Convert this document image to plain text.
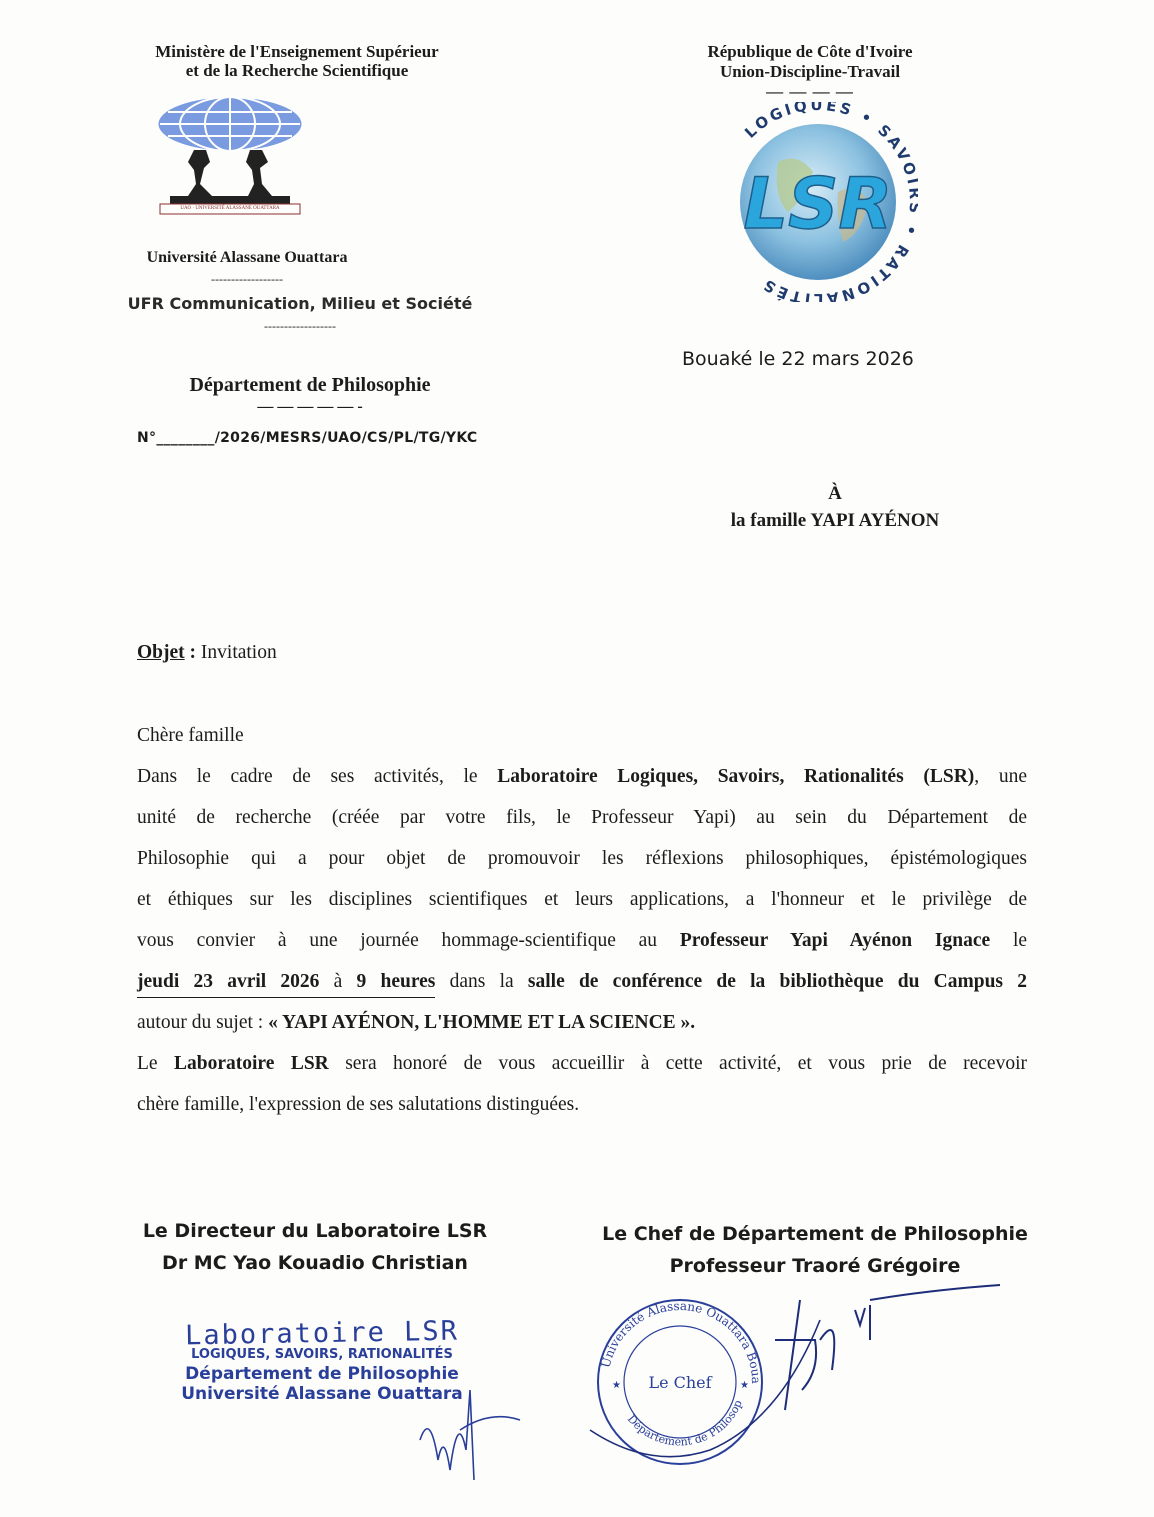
Ministère de l'Enseignement Supérieur
et de la Recherche Scientifique
UAO · UNIVERSITÉ ALASSANE OUATTARA
Université Alassane Ouattara
------------------
UFR Communication, Milieu et Société
------------------
Département de Philosophie
— — — — — -
N°________/2026/MESRS/UAO/CS/PL/TG/YKC
République de Côte d'Ivoire
Union-Discipline-Travail
— — — —
LSR
LOGIQUES • SAV RATIONALITÉS
Bouaké le 22 mars 2026
À
la famille YAPI AYÉNON
Objet : Invitation
Chère famille
Dans le cadre de ses activités, le Laboratoire Logiques, Savoirs, Rationalités (LSR), une
unité de recherche (créée par votre fils, le Professeur Yapi) au sein du Département de
Philosophie qui a pour objet de promouvoir les réflexions philosophiques, épistémologiques
et éthiques sur les disciplines scientifiques et leurs applications, a l'honneur et le privilège de
vous convier à une journée hommage-scientifique au Professeur Yapi Ayénon Ignace le
jeudi 23 avril 2026 à 9 heures dans la salle de conférence de la bibliothèque du Campus 2
autour du sujet : « YAPI AYÉNON, L'HOMME ET LA SCIENCE ».
Le Laboratoire LSR sera honoré de vous accueillir à cette activité, et vous prie de recevoir
chère famille, l'expression de ses salutations distinguées.
Le Directeur du Laboratoire LSR
Dr MC Yao Kouadio Christian
Le Chef de Département de Philosophie
Professeur Traoré Grégoire
Laboratoire LSR
LOGIQUES, SAVOIRS, RATIONALITÉS
Département de Philosophie
Université Alassane Ouattara
Université Alassane Ouattara Boua
Département de Philosop
Le Chef
★	★
